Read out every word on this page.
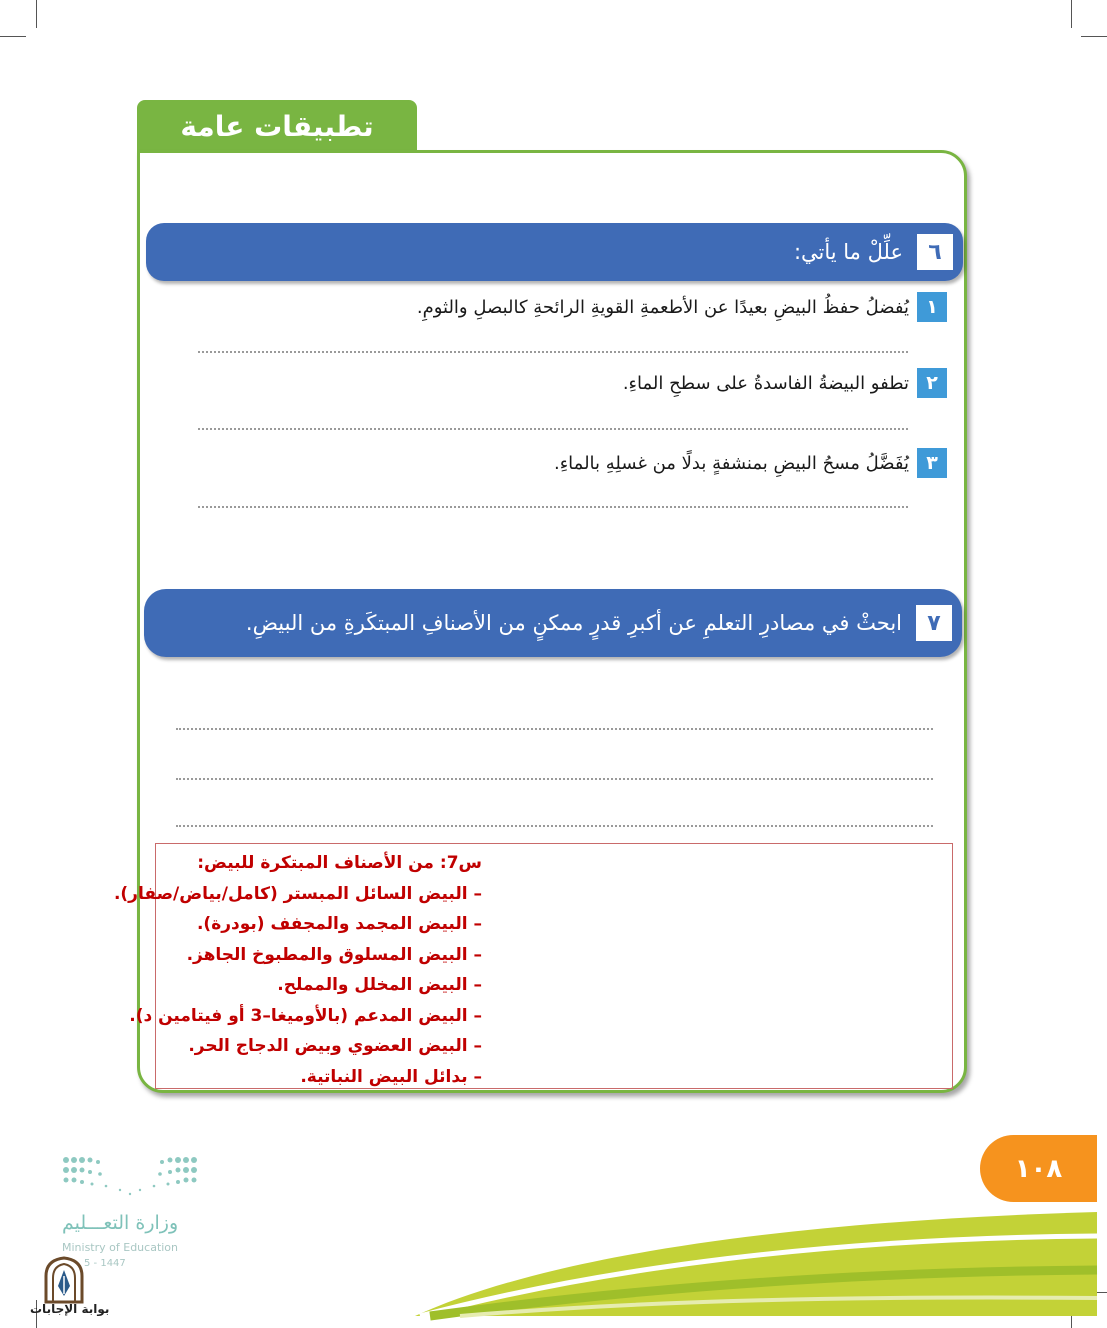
تطبيقات عامة
٦
علِّلْ ما يأتي:
١
يُفضلُ حفظُ البيضِ بعيدًا عن الأطعمةِ القويةِ الرائحةِ كالبصلِ والثومِ.
٢
تطفو البيضةُ الفاسدةُ على سطحِ الماءِ.
٣
يُفَضَّلُ مسحُ البيضِ بمنشفةٍ بدلًا من غسلِهِ بالماءِ.
٧
ابحثْ في مصادرِ التعلمِ عن أكبرِ قدرٍ ممكنٍ من الأصنافِ المبتكَرةِ من البيضِ.
س7: من الأصناف المبتكرة للبيض:
– البيض السائل المبستر (كامل/بياض/صفار).
– البيض المجمد والمجفف (بودرة).
– البيض المسلوق والمطبوخ الجاهز.
– البيض المخلل والمملح.
– البيض المدعم (بالأوميغا–3 أو فيتامين د).
– البيض العضوي وبيض الدجاج الحر.
– بدائل البيض النباتية.
١٠٨
وزارة التعـــليم
Ministry of Education
5 - 1447
بوابة الإجابات
